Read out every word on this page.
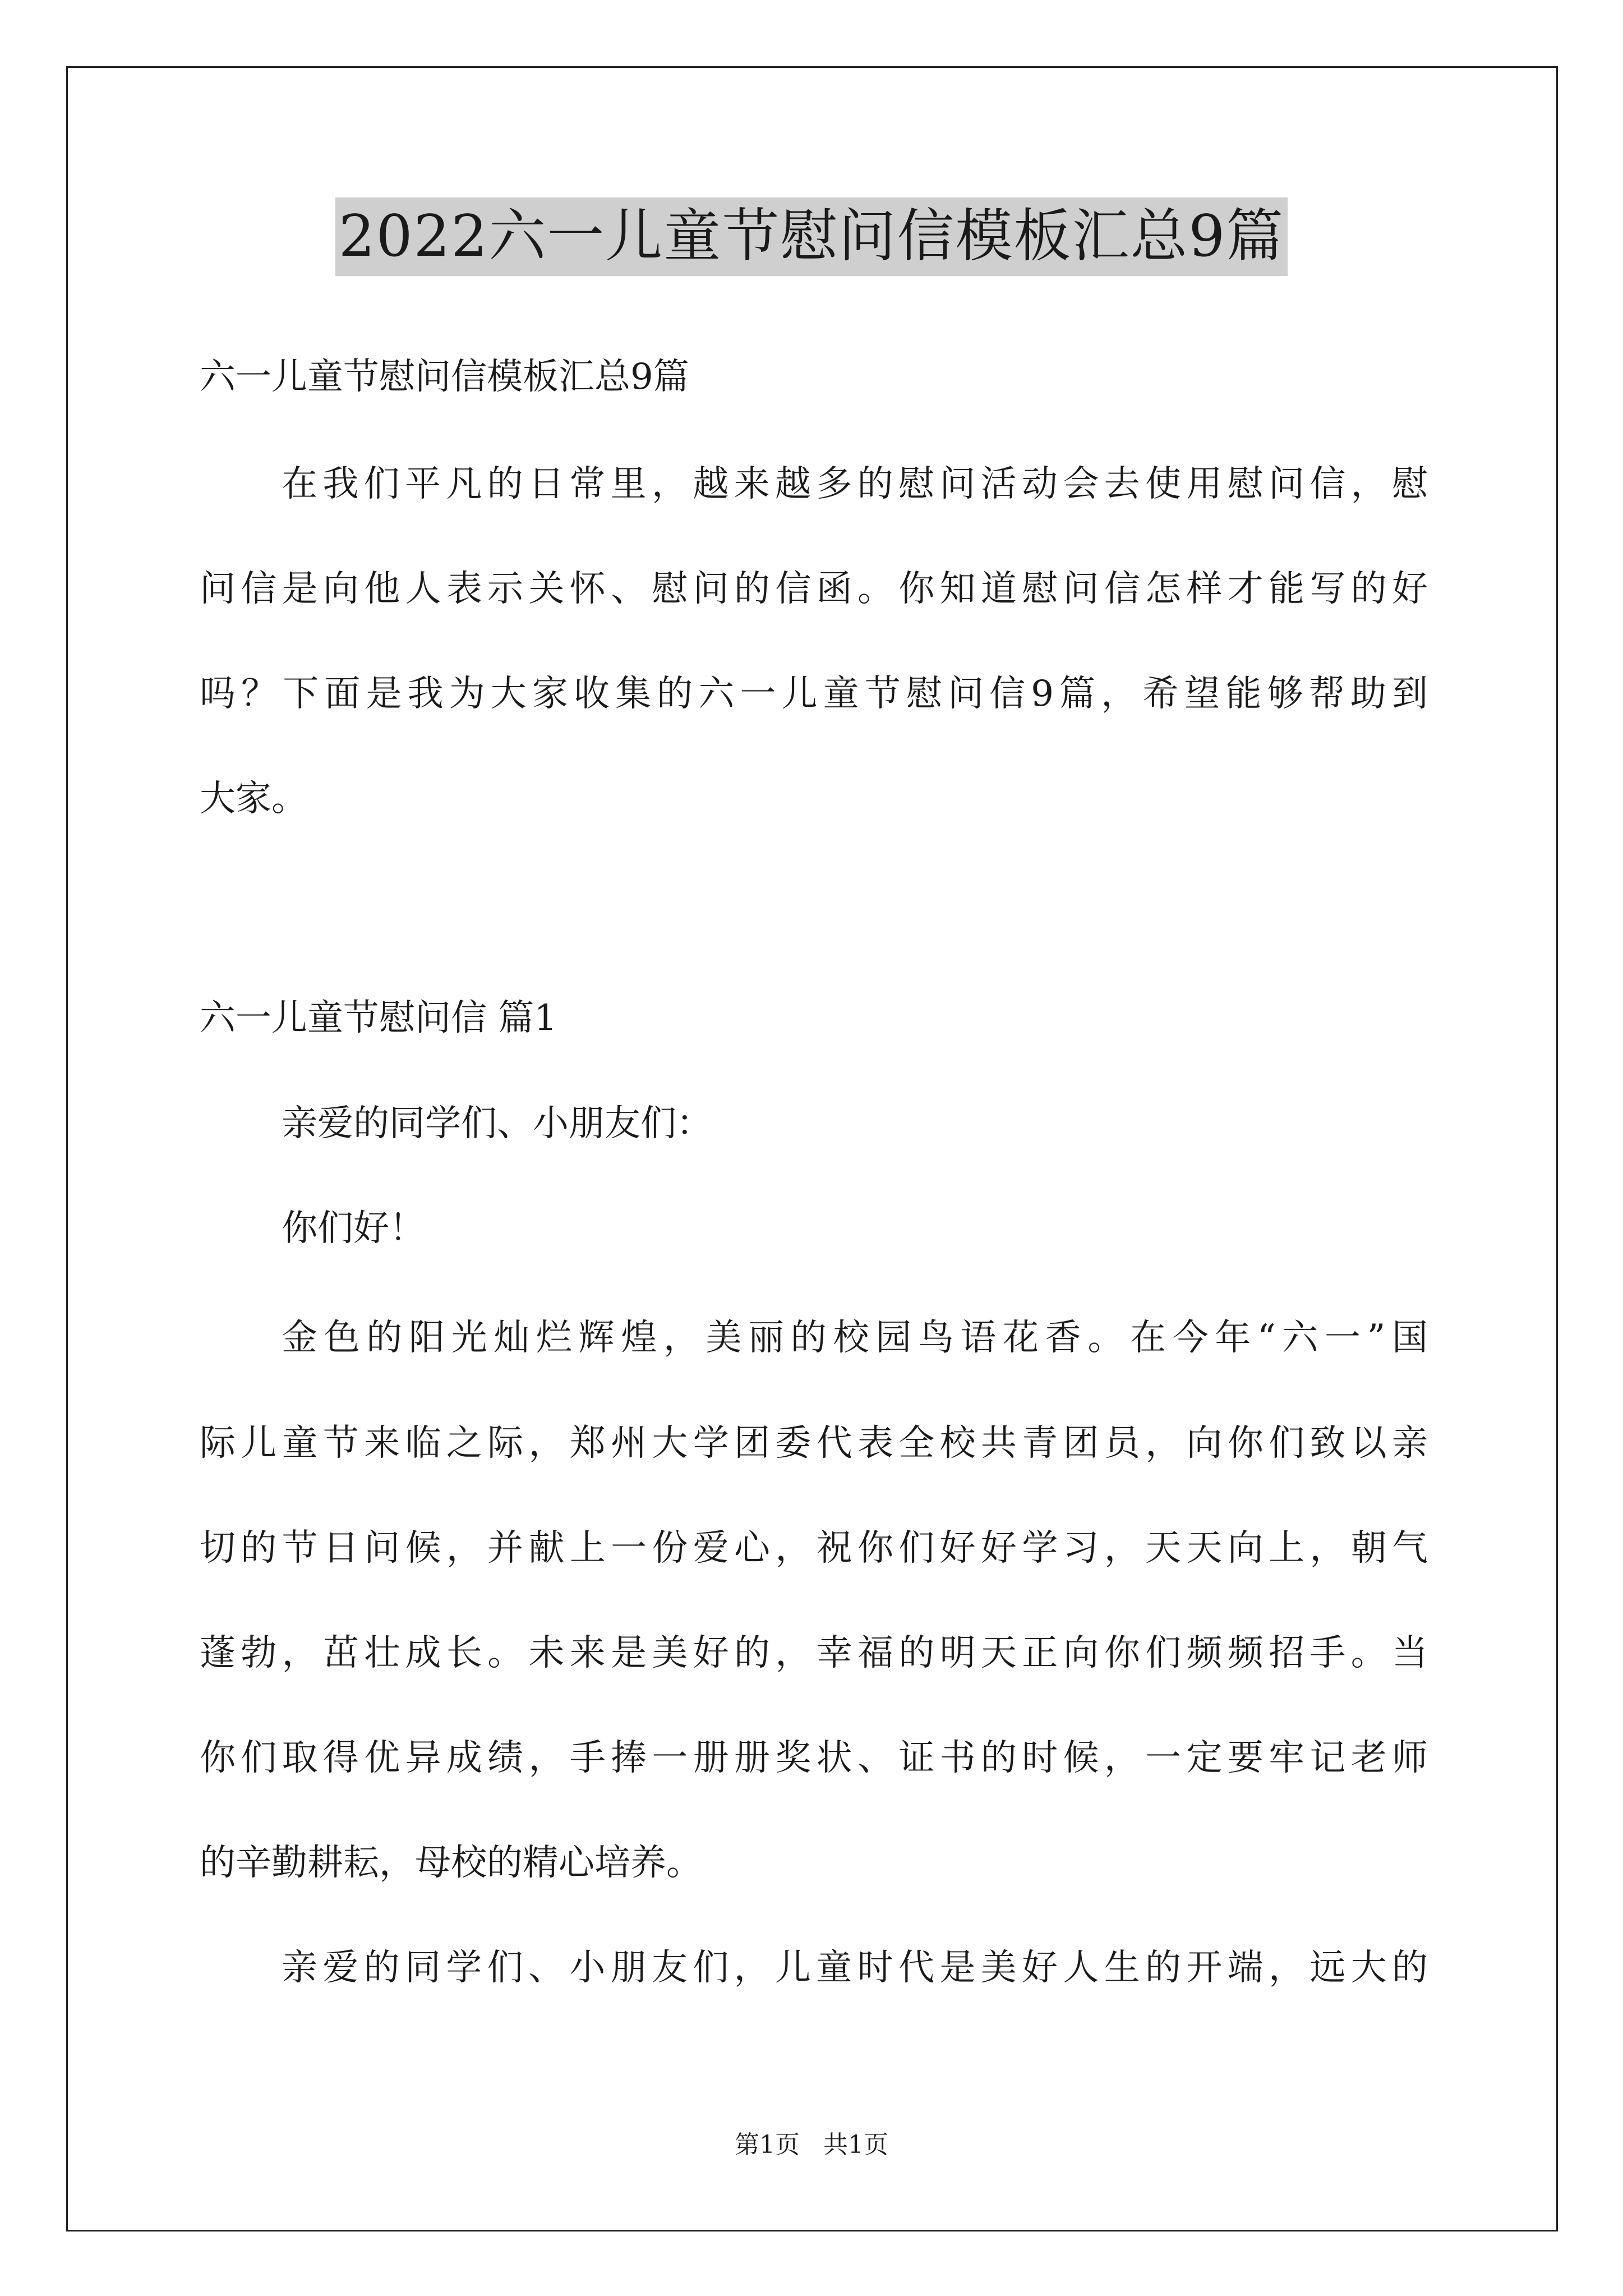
2022六一儿童节慰问信模板汇总9篇
六一儿童节慰问信模板汇总9篇
在我们平凡的日常里，越来越多的慰问活动会去使用慰问信，慰
问信是向他人表示关怀、慰问的信函。你知道慰问信怎样才能写的好
吗？下面是我为大家收集的六一儿童节慰问信9篇，希望能够帮助到
大家。
六一儿童节慰问信 篇1
亲爱的同学们、小朋友们：
你们好！
金色的阳光灿烂辉煌，美丽的校园鸟语花香。在今年“六一”国
际儿童节来临之际，郑州大学团委代表全校共青团员，向你们致以亲
切的节日问候，并献上一份爱心，祝你们好好学习，天天向上，朝气
蓬勃，茁壮成长。未来是美好的，幸福的明天正向你们频频招手。当
你们取得优异成绩，手捧一册册奖状、证书的时候，一定要牢记老师
的辛勤耕耘，母校的精心培养。
亲爱的同学们、小朋友们，儿童时代是美好人生的开端，远大的
第1页 共1页
